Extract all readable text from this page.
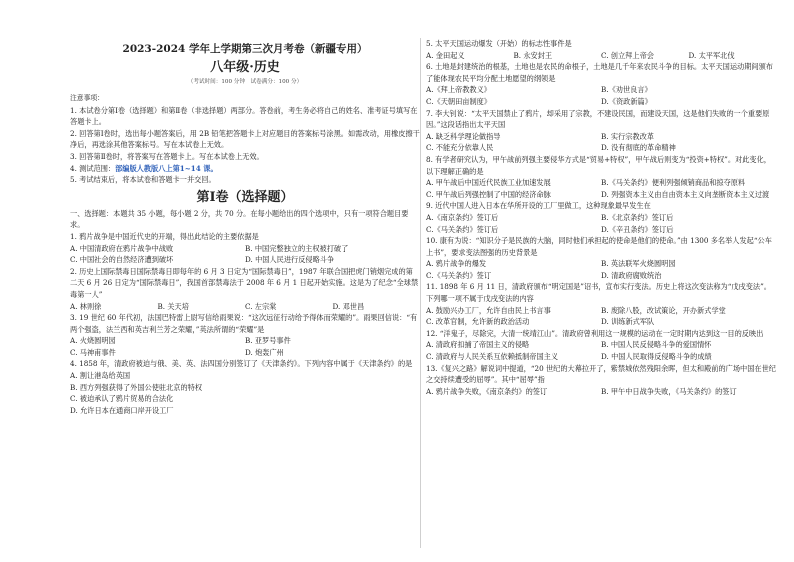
2023-2024 学年上学期第三次月考卷（新疆专用）
八年级·历史
（考试时间：100 分钟　试卷满分：100 分）
注意事项：

1. 本试卷分第Ⅰ卷（选择题）和第Ⅱ卷（非选择题）两部分。答卷前，考生务必将自己的姓名、准考证号填写在答题卡上。

2. 回答第Ⅰ卷时，选出每小题答案后，用 2B 铅笔把答题卡上对应题目的答案标号涂黑。如需改动，用橡皮擦干净后，再选涂其他答案标号。写在本试卷上无效。

3. 回答第Ⅱ卷时，将答案写在答题卡上。写在本试卷上无效。

4. 测试范围：部编版人教版八上第1~14 课。

5. 考试结束后，将本试卷和答题卡一并交回。

第Ⅰ卷（选择题）

一、选择题：本题共 35 小题，每小题 2 分，共 70 分。在每小题给出的四个选项中，只有一项符合题目要求。

1. 鸦片战争是中国近代史的开端，得出此结论的主要依据是

A. 中国清政府在鸦片战争中战败	B. 中国完整独立的主权被打破了
C. 中国社会的自然经济遭到破坏	D. 中国人民进行反侵略斗争

2. 历史上国际禁毒日国际禁毒日即每年的 6 月 3 日定为“国际禁毒日”，1987 年联合国把虎门销烟完成的第二天 6 月 26 日定为“国际禁毒日”，我国首部禁毒法于 2008 年 6 月 1 日起开始实施。这是为了纪念“全球禁毒第一人”

A. 林则徐	B. 关天培	C. 左宗棠	D. 邓世昌

3. 19 世纪 60 年代初，法国巴特雷上尉写信给雨果说：“这次远征行动给予得体而荣耀的”。雨果回信说：“有两个强盗，法兰西和英吉利兰芳之荣耀，”英法所谓的“荣耀”是

A. 火烧圆明园	B. 亚罗号事件
C. 马神甫事件	D. 炮轰广州

4. 1858 年，清政府被迫与俄、美、英、法四国分别签订了《天津条约》。下列内容中属于《天津条约》的是

A. 割让港岛给英国
B. 西方列强获得了外国公使驻北京的特权
C. 被迫承认了鸦片贸易的合法化
D. 允许日本在通商口岸开设工厂

5. 太平天国运动爆发（开始）的标志性事件是

A. 金田起义	B. 永安封王	C. 创立拜上帝会	D. 太平军北伐

6. 土地是封建统治的根基，土地也是农民的命根子，土地是几千年来农民斗争的目标。太平天国运动期间颁布了能体现农民平均分配土地愿望的纲领是

A.《拜上帝教教义》	B.《劝世良言》
C.《天朝田亩制度》	D.《资政新篇》

7. 李大钊说：“太平天国禁止了鸦片，却采用了宗教，不建设民国，而建设天国，这是他们失败的一个重要原因。”这段话指出太平天国

A. 缺乏科学理论做指导	B. 实行宗教改革
C. 不能充分依靠人民	D. 没有彻底的革命精神

8. 有学者研究认为，甲午战前列强主要侵华方式是“贸易+特权”，甲午战后则变为“投资+特权”。对此变化，以下理解正确的是

A. 甲午战后中国近代民族工业加速发展	B.《马关条约》便利列强倾销商品和掠夺原料
C. 甲午战后列强控制了中国的经济命脉	D. 列强资本主义由自由资本主义向垄断资本主义过渡

9. 近代中国人进入日本在华所开设的工厂里做工，这种现象最早发生在

A.《南京条约》签订后	B.《北京条约》签订后
C.《马关条约》签订后	D.《辛丑条约》签订后

10. 康有为说：“知识分子是民族的大脑，同时他们承担起的使命是他们的使命。”由 1300 多名举人发起“公车上书”，要求变法图强的历史背景是

A. 鸦片战争的爆发	B. 英法联军火烧圆明园
C.《马关条约》签订	D. 清政府腐败统治

11. 1898 年 6 月 11 日，清政府颁布“明定国是”诏书，宣布实行变法。历史上将这次变法称为“戊戌变法”。下列哪一项不属于戊戌变法的内容

A. 鼓励兴办工厂，允许自由民上书言事	B. 废除八股，改试策论，开办新式学堂
C. 改革官制，允许新的政治活动	D. 训练新式军队

12. “洋鬼子，尽除完，大清一统靖江山”。清政府曾利用这一规模的运动在一定时期内达到这一目的反映出

A. 清政府扣捕了帝国主义的侵略	B. 中国人民反侵略斗争的爱国情怀
C. 清政府与人民关系互依赖抵制帝国主义	D. 中国人民取得反侵略斗争的成绩

13.《复兴之路》解说词中提道，“20 世纪的大幕拉开了，紫禁城依然残阳余晖，但太和殿前的广场中国在世纪之交持续遭受的屈辱”。其中“屈辱”指

A. 鸦片战争失败，《南京条约》的签订	B. 甲午中日战争失败，《马关条约》的签订
